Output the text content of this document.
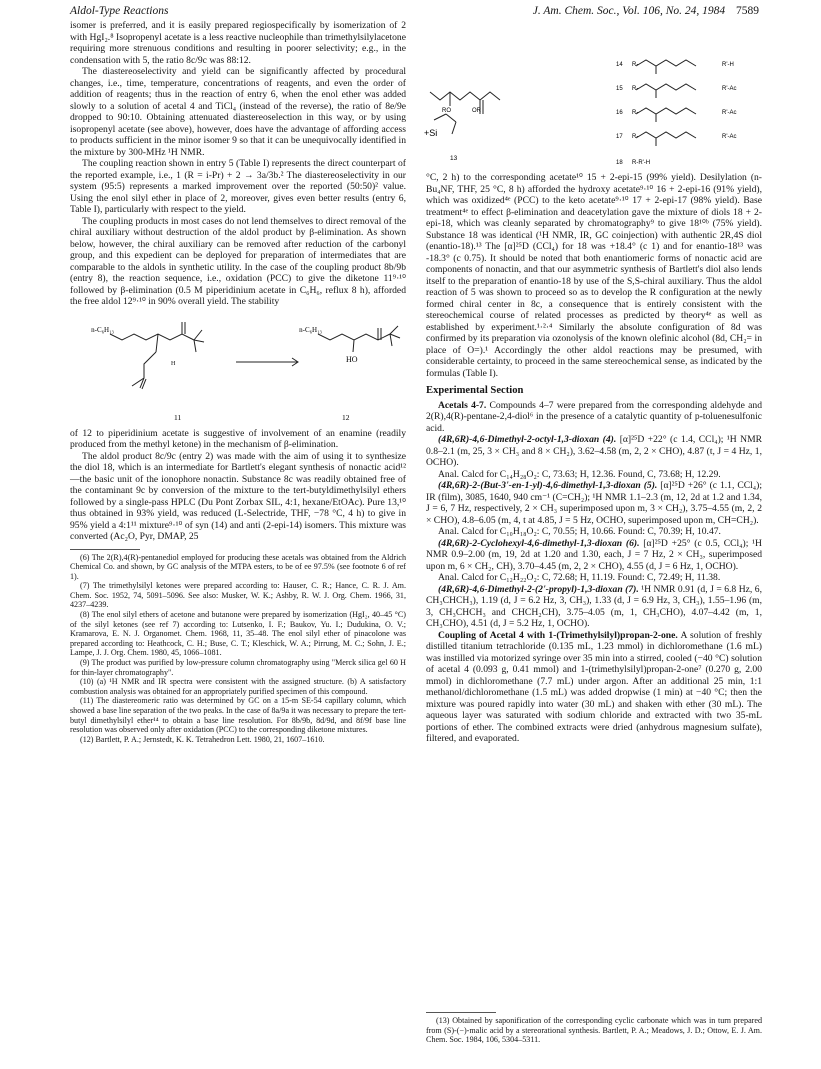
Aldol-Type Reactions	J. Am. Chem. Soc., Vol. 106, No. 24, 1984 7589

isomer is preferred, and it is easily prepared regiospecifically by isomerization of 2 with HgI₂.⁸ Isopropenyl acetate is a less reactive nucleophile than trimethylsilylacetone requiring more strenuous conditions and resulting in poorer selectivity; e.g., in the condensation with 5, the ratio 8c/9c was 88:12.

The diastereoselectivity and yield can be significantly affected by procedural changes, i.e., time, temperature, concentrations of reagents, and even the order of addition of reagents; thus in the reaction of entry 6, when the enol ether was added slowly to a solution of acetal 4 and TiCl₄ (instead of the reverse), the ratio of 8e/9e dropped to 90:10. Obtaining attenuated diastereoselection in this way, or by using isopropenyl acetate (see above), however, does have the advantage of affording access to products sufficient in the minor isomer 9 so that it can be unequivocally identified in the mixture by 300-MHz ¹H NMR.

The coupling reaction shown in entry 5 (Table I) represents the direct counterpart of the reported example, i.e., 1 (R = i-Pr) + 2 → 3a/3b.² The diastereoselectivity in our system (95:5) represents a marked improvement over the reported (50:50)² value. Using the enol silyl ether in place of 2, moreover, gives even better results (entry 6, Table I), particularly with respect to the yield.

The coupling products in most cases do not lend themselves to direct removal of the chiral auxiliary without destruction of the aldol product by β-elimination. As shown below, however, the chiral auxiliary can be removed after reduction of the carbonyl group, and this expedient can be deployed for preparation of intermediates that are comparable to the aldols in synthetic utility. In the case of the coupling product 8b/9b (entry 8), the reaction sequence, i.e., oxidation (PCC) to give the diketone 11⁹·¹⁰ followed by β-elimination (0.5 M piperidinium acetate in C₆H₆, reflux 8 h), afforded the free aldol 12⁹·¹⁰ in 90% overall yield. The stability

n-C₆H₁₃
H
n-C₆H₁₃
HO
11	12

of 12 to piperidinium acetate is suggestive of involvement of an enamine (readily produced from the methyl ketone) in the mechanism of β-elimination.

The aldol product 8c/9c (entry 2) was made with the aim of using it to synthesize the diol 18, which is an intermediate for Bartlett's elegant synthesis of nonactic acid¹² —the basic unit of the ionophore nonactin. Substance 8c was readily obtained free of the contaminant 9c by conversion of the mixture to the tert-butyldimethylsilyl ethers followed by a single-pass HPLC (Du Pont Zorbax SIL, 4:1, hexane/EtOAc). Pure 13,¹⁰ thus obtained in 93% yield, was reduced (L-Selectride, THF, −78 °C, 4 h) to give in 95% yield a 4:1¹¹ mixture⁹·¹⁰ of syn (14) and anti (2-epi-14) isomers. This mixture was converted (Ac₂O, Pyr, DMAP, 25

(6) The 2(R),4(R)-pentanediol employed for producing these acetals was obtained from the Aldrich Chemical Co. and shown, by GC analysis of the MTPA esters, to be of ee 97.5% (see footnote 6 of ref 1).

(7) The trimethylsilyl ketones were prepared according to: Hauser, C. R.; Hance, C. R. J. Am. Chem. Soc. 1952, 74, 5091–5096. See also: Musker, W. K.; Ashby, R. W. J. Org. Chem. 1966, 31, 4237–4239.

(8) The enol silyl ethers of acetone and butanone were prepared by isomerization (HgI₂, 40–45 °C) of the silyl ketones (see ref 7) according to: Lutsenko, I. F.; Baukov, Yu. I.; Dudukina, O. V.; Kramarova, E. N. J. Organomet. Chem. 1968, 11, 35–48. The enol silyl ether of pinacolone was prepared according to: Heathcock, C. H.; Buse, C. T.; Kleschick, W. A.; Pirrung, M. C.; Sohn, J. E.; Lampe, J. J. Org. Chem. 1980, 45, 1066–1081.

(9) The product was purified by low-pressure column chromatography using "Merck silica gel 60 H for thin-layer chromatography".

(10) (a) ¹H NMR and IR spectra were consistent with the assigned structure. (b) A satisfactory combustion analysis was obtained for an appropriately purified specimen of this compound.

(11) The diastereomeric ratio was determined by GC on a 15-m SE-54 capillary column, which showed a base line separation of the two peaks. In the case of 8a/9a it was necessary to prepare the tert-butyl dimethylsilyl ether¹⁴ to obtain a base line resolution. For 8b/9b, 8d/9d, and 8f/9f base line resolution was observed only after oxidation (PCC) to the corresponding diketone mixtures.

(12) Bartlett, P. A.; Jernstedt, K. K. Tetrahedron Lett. 1980, 21, 1607–1610.

RO	OR
+Si
13
14 R-	R'-H
15 R-	R'-Ac
16 R-	R'-Ac
17 R-	R'-Ac
18 R-R'-H

°C, 2 h) to the corresponding acetate¹⁰ 15 + 2-epi-15 (99% yield). Desilylation (n-Bu₄NF, THF, 25 °C, 8 h) afforded the hydroxy acetate⁹·¹⁰ 16 + 2-epi-16 (91% yield), which was oxidized⁴ᵉ (PCC) to the keto acetate⁹·¹⁰ 17 + 2-epi-17 (98% yield). Base treatment⁴ᵉ to effect β-elimination and deacetylation gave the mixture of diols 18 + 2-epi-18, which was cleanly separated by chromatography⁹ to give 18¹⁰ᵇ (75% yield). Substance 18 was identical (¹H NMR, IR, GC coinjection) with authentic 2R,4S diol (enantio-18).¹³ The [α]²⁵D (CCl₄) for 18 was +18.4° (c 1) and for enantio-18¹³ was -18.3° (c 0.75). It should be noted that both enantiomeric forms of nonactic acid are components of nonactin, and that our asymmetric synthesis of Bartlett's diol also lends itself to the preparation of enantio-18 by use of the S,S-chiral auxiliary. Thus the aldol reaction of 5 was shown to proceed so as to develop the R configuration at the newly formed chiral center in 8c, a consequence that is entirely consistent with the stereochemical course of related processes as predicted by theory⁴ᵉ as well as established by experiment.¹·²·⁴ Similarly the absolute configuration of 8d was confirmed by its preparation via ozonolysis of the known olefinic alcohol (8d, CH₂= in place of O=).¹ Accordingly the other aldol reactions may be presumed, with considerable certainty, to proceed in the same stereochemical sense, as indicated by the formulas (Table I).

Experimental Section

Acetals 4-7. Compounds 4–7 were prepared from the corresponding aldehyde and 2(R),4(R)-pentane-2,4-diol⁶ in the presence of a catalytic quantity of p-toluenesulfonic acid.

(4R,6R)-4,6-Dimethyl-2-octyl-1,3-dioxan (4). [α]²⁵D +22° (c 1.4, CCl₄); ¹H NMR 0.8–2.1 (m, 25, 3 × CH₃ and 8 × CH₂), 3.62–4.58 (m, 2, 2 × CHO), 4.87 (t, J = 4 Hz, 1, OCHO).

Anal. Calcd for C₁₄H₂₈O₂: C, 73.63; H, 12.36. Found, C, 73.68; H, 12.29.

(4R,6R)-2-(But-3'-en-1-yl)-4,6-dimethyl-1,3-dioxan (5). [α]²⁵D +26° (c 1.1, CCl₄); IR (film), 3085, 1640, 940 cm⁻¹ (C=CH₂); ¹H NMR 1.1–2.3 (m, 12, 2d at 1.2 and 1.34, J = 6, 7 Hz, respectively, 2 × CH₃ superimposed upon m, 3 × CH₂), 3.75–4.55 (m, 2, 2 × CHO), 4.8–6.05 (m, 4, t at 4.85, J = 5 Hz, OCHO, superimposed upon m, CH=CH₂).

Anal. Calcd for C₁₀H₁₈O₂: C, 70.55; H, 10.66. Found: C, 70.39; H, 10.47.

(4R,6R)-2-Cyclohexyl-4,6-dimethyl-1,3-dioxan (6). [α]²⁵D +25° (c 0.5, CCl₄); ¹H NMR 0.9–2.00 (m, 19, 2d at 1.20 and 1.30, each, J = 7 Hz, 2 × CH₃, superimposed upon m, 6 × CH₂, CH), 3.70–4.45 (m, 2, 2 × CHO), 4.55 (d, J = 6 Hz, 1, OCHO).

Anal. Calcd for C₁₂H₂₂O₂: C, 72.68; H, 11.19. Found: C, 72.49; H, 11.38.

(4R,6R)-4,6-Dimethyl-2-(2'-propyl)-1,3-dioxan (7). ¹H NMR 0.91 (d, J = 6.8 Hz, 6, CH₃CHCH₃), 1.19 (d, J = 6.2 Hz, 3, CH₃), 1.33 (d, J = 6.9 Hz, 3, CH₃), 1.55–1.96 (m, 3, CH₃CHCH₃ and CHCH₂CH), 3.75–4.05 (m, 1, CH₃CHO), 4.07–4.42 (m, 1, CH₃CHO), 4.51 (d, J = 5.2 Hz, 1, OCHO).

Coupling of Acetal 4 with 1-(Trimethylsilyl)propan-2-one. A solution of freshly distilled titanium tetrachloride (0.135 mL, 1.23 mmol) in dichloromethane (1.6 mL) was instilled via motorized syringe over 35 min into a stirred, cooled (−40 °C) solution of acetal 4 (0.093 g, 0.41 mmol) and 1-(trimethylsilyl)propan-2-one⁷ (0.270 g, 2.00 mmol) in dichloromethane (7.7 mL) under argon. After an additional 25 min, 1:1 methanol/dichloromethane (1.5 mL) was added dropwise (1 min) at −40 °C; then the mixture was poured rapidly into water (30 mL) and shaken with ether (30 mL). The aqueous layer was saturated with sodium chloride and extracted with two 35-mL portions of ether. The combined extracts were dried (anhydrous magnesium sulfate), filtered, and evaporated.

(13) Obtained by saponification of the corresponding cyclic carbonate which was in turn prepared from (S)-(−)-malic acid by a stereorational synthesis. Bartlett, P. A.; Meadows, J. D.; Ottow, E. J. Am. Chem. Soc. 1984, 106, 5304–5311.
